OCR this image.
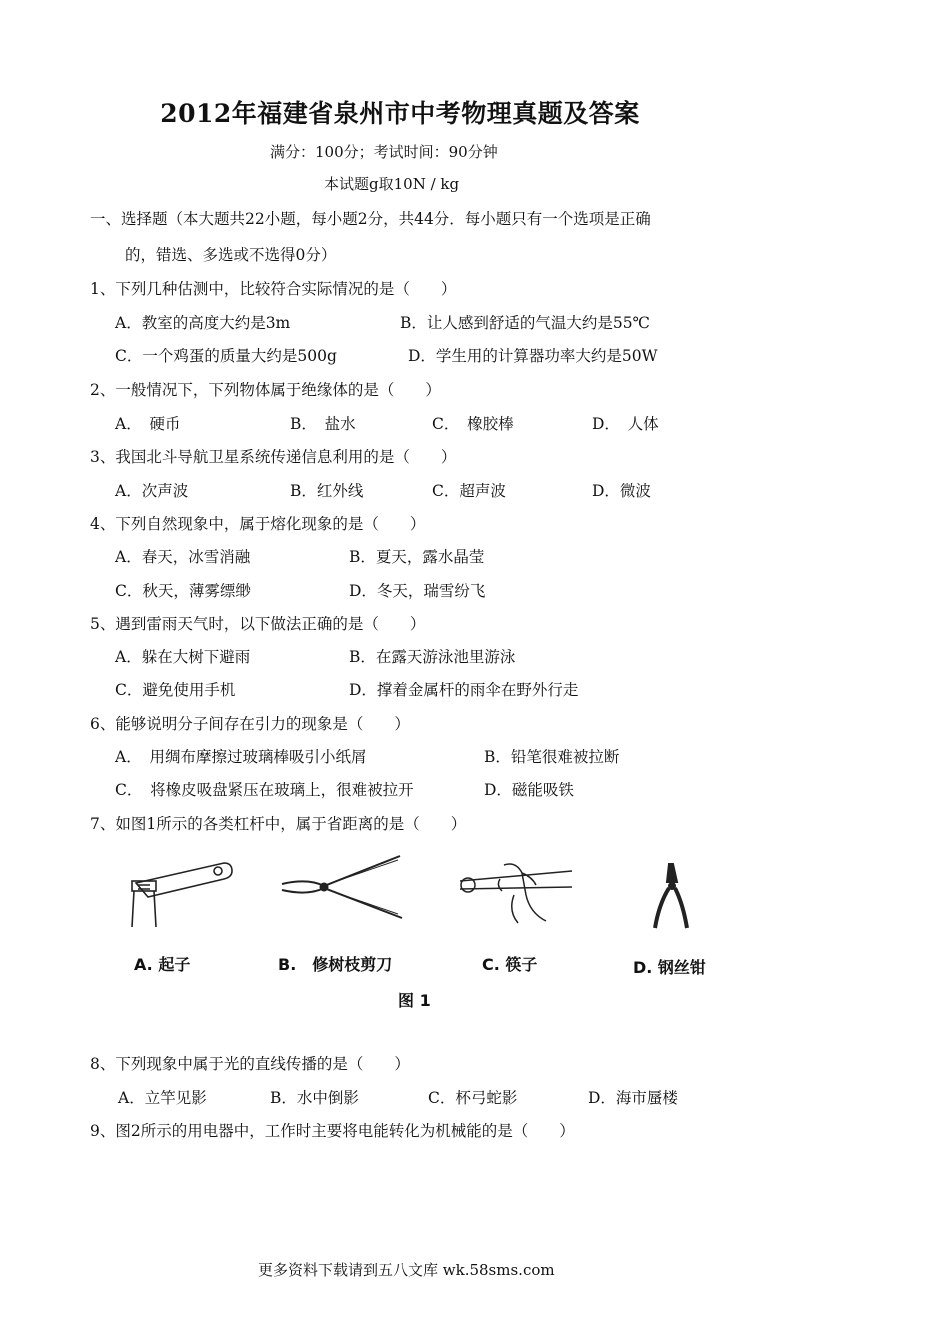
2012年福建省泉州市中考物理真题及答案
满分：100分；考试时间：90分钟
本试题g取10N / kg
一、选择题（本大题共22小题，每小题2分，共44分．每小题只有一个选项是正确
的，错选、多选或不选得0分）
1、下列几种估测中，比较符合实际情况的是（　　）
A．教室的高度大约是3m	B．让人感到舒适的气温大约是55℃
C．一个鸡蛋的质量大约是500g	D．学生用的计算器功率大约是50W
2、一般情况下，下列物体属于绝缘体的是（　　）
A．　硬币	B．　盐水	C．　橡胶棒	D．　人体
3、我国北斗导航卫星系统传递信息利用的是（　　）
A．次声波	B．红外线	C．超声波	D．微波
4、下列自然现象中，属于熔化现象的是（　　）
A．春天，冰雪消融	B．夏天，露水晶莹
C．秋天，薄雾缥缈	D．冬天，瑞雪纷飞
5、遇到雷雨天气时，以下做法正确的是（　　）
A．躲在大树下避雨	B．在露天游泳池里游泳
C．避免使用手机	D．撑着金属杆的雨伞在野外行走
6、能够说明分子间存在引力的现象是（　　）
A．　用绸布摩擦过玻璃棒吸引小纸屑	B．铅笔很难被拉断
C．　将橡皮吸盘紧压在玻璃上，很难被拉开	D．磁能吸铁
7、如图1所示的各类杠杆中，属于省距离的是（　　）
A. 起子	B.　修树枝剪刀	C. 筷子	D. 钢丝钳
图 1
8、下列现象中属于光的直线传播的是（　　）
A．立竿见影	B．水中倒影	C．杯弓蛇影	D．海市蜃楼
9、图2所示的用电器中，工作时主要将电能转化为机械能的是（　　）
更多资料下载请到五八文库 wk.58sms.com
